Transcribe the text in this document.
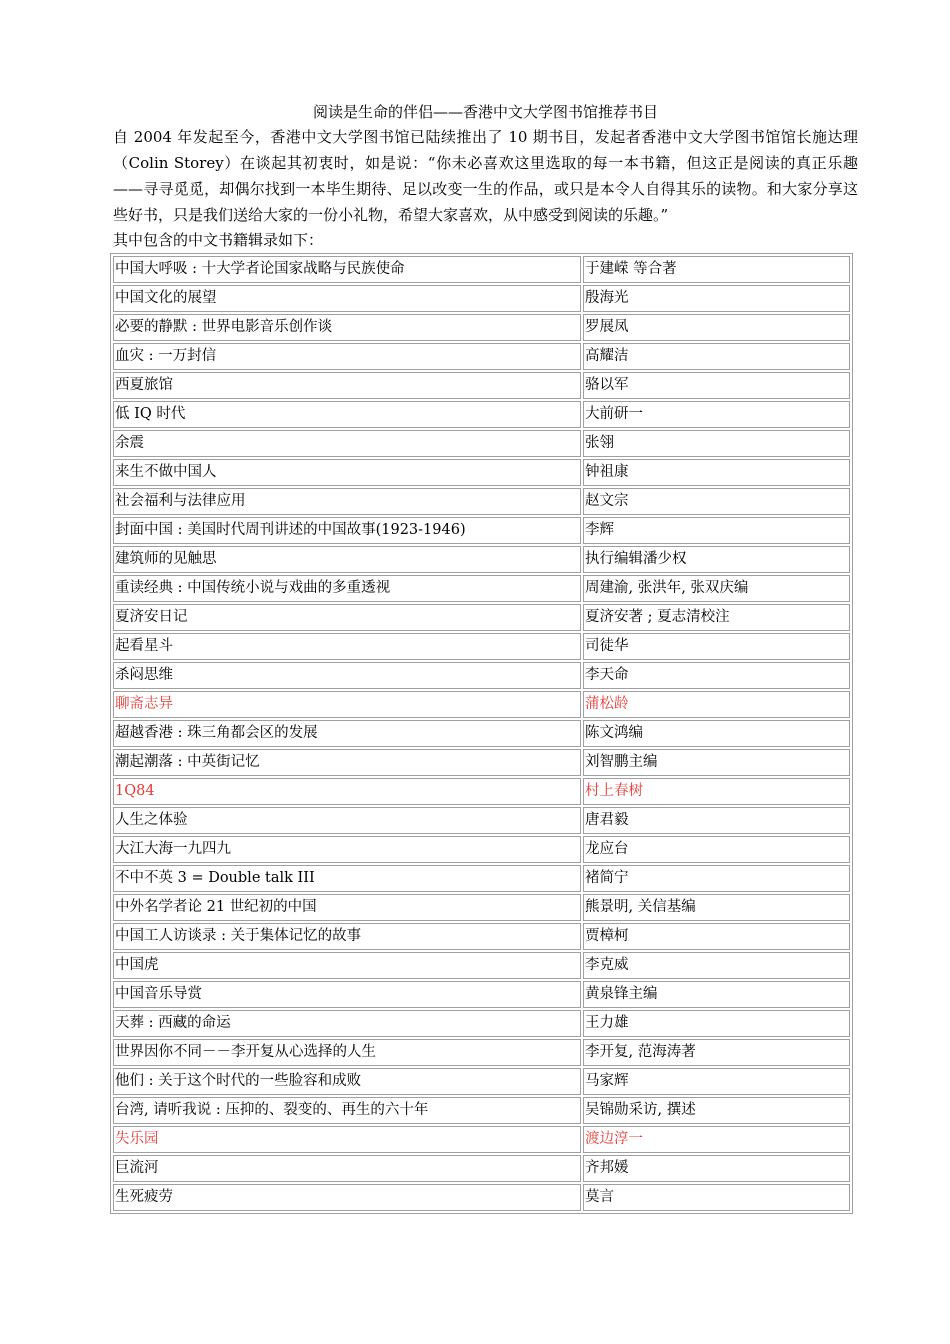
阅读是生命的伴侣——香港中文大学图书馆推荐书目

自 2004 年发起至今，香港中文大学图书馆已陆续推出了 10 期书目，发起者香港中文大学图书馆馆长施达理（Colin Storey）在谈起其初衷时，如是说：“你未必喜欢这里选取的每一本书籍，但这正是阅读的真正乐趣——寻寻觅觅，却偶尔找到一本毕生期待、足以改变一生的作品，或只是本令人自得其乐的读物。和大家分享这些好书，只是我们送给大家的一份小礼物，希望大家喜欢，从中感受到阅读的乐趣。”

其中包含的中文书籍辑录如下：

中国大呼吸 : 十大学者论国家战略与民族使命	于建嵘 等合著
中国文化的展望	殷海光
必要的静默 : 世界电影音乐创作谈	罗展凤
血灾 : 一万封信	高耀洁
西夏旅馆	骆以军
低 IQ 时代	大前研一
余震	张翎
来生不做中国人	钟祖康
社会福利与法律应用	赵文宗
封面中国 : 美国时代周刊讲述的中国故事(1923-1946)	李辉
建筑师的见触思	执行编辑潘少权
重读经典 : 中国传统小说与戏曲的多重透视	周建渝, 张洪年, 张双庆编
夏济安日记	夏济安著 ; 夏志清校注
起看星斗	司徒华
杀闷思维	李天命
聊斋志异	蒲松龄
超越香港 : 珠三角都会区的发展	陈文鸿编
潮起潮落 : 中英街记忆	刘智鹏主编
1Q84	村上春树
人生之体验	唐君毅
大江大海一九四九	龙应台
不中不英 3 = Double talk III	褚简宁
中外名学者论 21 世纪初的中国	熊景明, 关信基编
中国工人访谈录 : 关于集体记忆的故事	贾樟柯
中国虎	李克威
中国音乐导赏	黄泉锋主编
天葬 : 西藏的命运	王力雄
世界因你不同－－李开复从心选择的人生	李开复, 范海涛著
他们 : 关于这个时代的一些脸容和成败	马家辉
台湾, 请听我说 : 压抑的、裂变的、再生的六十年	吴锦勋采访, 撰述
失乐园	渡边淳一
巨流河	齐邦媛
生死疲劳	莫言
